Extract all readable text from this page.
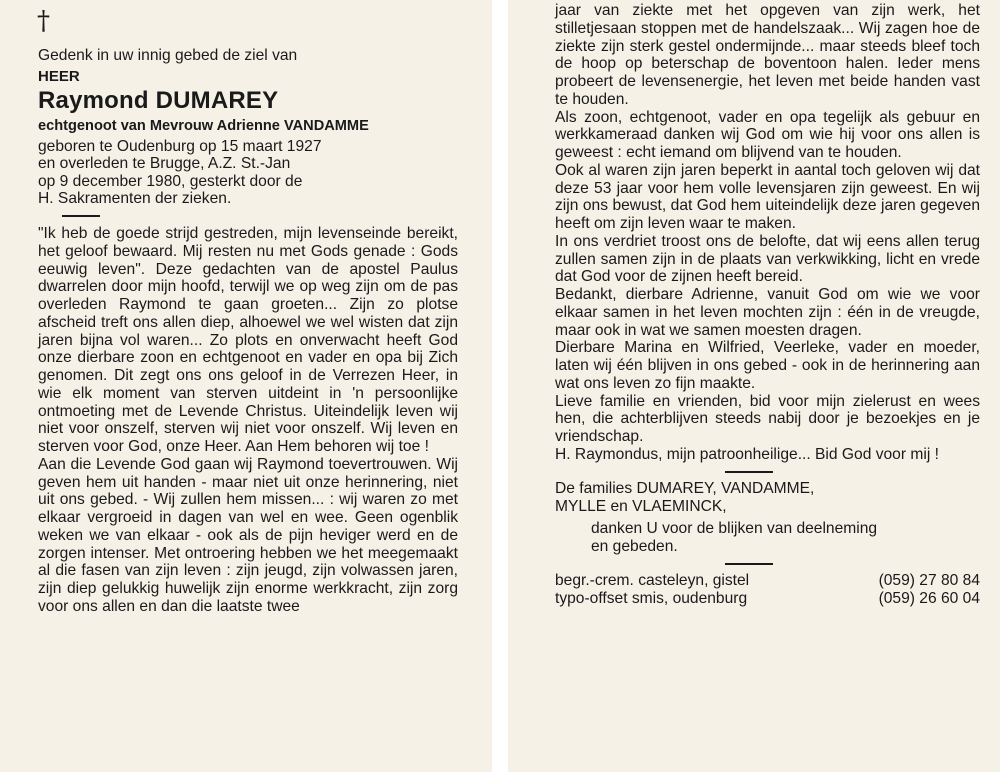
†

Gedenk in uw innig gebed de ziel van

HEER
Raymond DUMAREY
echtgenoot van Mevrouw Adrienne VANDAMME
geboren te Oudenburg op 15 maart 1927
en overleden te Brugge, A.Z. St.-Jan
op 9 december 1980, gesterkt door de
H. Sakramenten der zieken.

"Ik heb de goede strijd gestreden, mijn levenseinde bereikt, het geloof bewaard. Mij resten nu met Gods genade : Gods eeuwig leven". Deze gedachten van de apostel Paulus dwarrelen door mijn hoofd, terwijl we op weg zijn om de pas overleden Raymond te gaan groeten... Zijn zo plotse afscheid treft ons allen diep, alhoewel we wel wisten dat zijn jaren bijna vol waren... Zo plots en onverwacht heeft God onze dierbare zoon en echtgenoot en vader en opa bij Zich genomen. Dit zegt ons ons geloof in de Verrezen Heer, in wie elk moment van sterven uitdeint in 'n persoonlijke ontmoeting met de Levende Christus. Uiteindelijk leven wij niet voor onszelf, sterven wij niet voor onszelf. Wij leven en sterven voor God, onze Heer. Aan Hem behoren wij toe !
Aan die Levende God gaan wij Raymond toevertrouwen. Wij geven hem uit handen - maar niet uit onze herinnering, niet uit ons gebed. - Wij zullen hem missen... : wij waren zo met elkaar vergroeid in dagen van wel en wee. Geen ogenblik weken we van elkaar - ook als de pijn heviger werd en de zorgen intenser. Met ontroering hebben we het meegemaakt al die fasen van zijn leven : zijn jeugd, zijn volwassen jaren, zijn diep gelukkig huwelijk zijn enorme werkkracht, zijn zorg voor ons allen en dan die laatste twee

jaar van ziekte met het opgeven van zijn werk, het stilletjesaan stoppen met de handelszaak... Wij zagen hoe de ziekte zijn sterk gestel ondermijnde... maar steeds bleef toch de hoop op beterschap de boventoon halen. Ieder mens probeert de levensenergie, het leven met beide handen vast te houden.
Als zoon, echtgenoot, vader en opa tegelijk als gebuur en werkkameraad danken wij God om wie hij voor ons allen is geweest : echt iemand om blijvend van te houden.
Ook al waren zijn jaren beperkt in aantal toch geloven wij dat deze 53 jaar voor hem volle levensjaren zijn geweest. En wij zijn ons bewust, dat God hem uiteindelijk deze jaren gegeven heeft om zijn leven waar te maken.
In ons verdriet troost ons de belofte, dat wij eens allen terug zullen samen zijn in de plaats van verkwikking, licht en vrede dat God voor de zijnen heeft bereid.
Bedankt, dierbare Adrienne, vanuit God om wie we voor elkaar samen in het leven mochten zijn : één in de vreugde, maar ook in wat we samen moesten dragen.
Dierbare Marina en Wilfried, Veerleke, vader en moeder, laten wij één blijven in ons gebed - ook in de herinnering aan wat ons leven zo fijn maakte.
Lieve familie en vrienden, bid voor mijn zielerust en wees hen, die achterblijven steeds nabij door je bezoekjes en je vriendschap.
H. Raymondus, mijn patroonheilige... Bid God voor mij !

De families DUMAREY, VANDAMME,
MYLLE en VLAEMINCK,
danken U voor de blijken van deelneming
en gebeden.
begr.-crem. casteleyn, gistel	(059) 27 80 84
typo-offset smis, oudenburg	(059) 26 60 04
